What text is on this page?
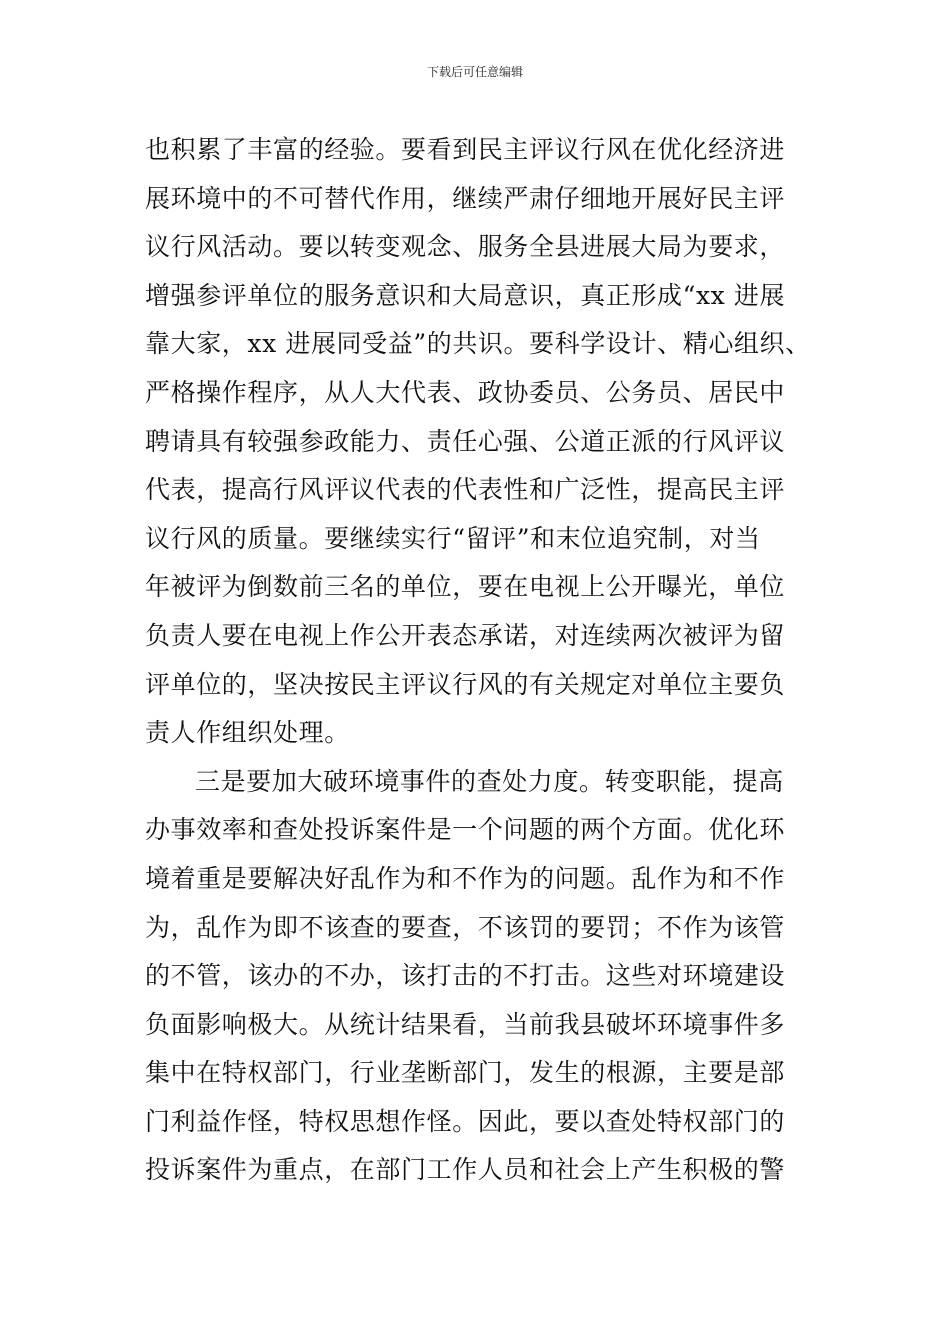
下载后可任意编辑
也积累了丰富的经验。要看到民主评议行风在优化经济进
展环境中的不可替代作用，继续严肃仔细地开展好民主评
议行风活动。要以转变观念、服务全县进展大局为要求，
增强参评单位的服务意识和大局意识，真正形成“xx 进展
靠大家，xx 进展同受益”的共识。要科学设计、精心组织、
严格操作程序，从人大代表、政协委员、公务员、居民中
聘请具有较强参政能力、责任心强、公道正派的行风评议
代表，提高行风评议代表的代表性和广泛性，提高民主评
议行风的质量。要继续实行“留评”和末位追究制，对当
年被评为倒数前三名的单位，要在电视上公开曝光，单位
负责人要在电视上作公开表态承诺，对连续两次被评为留
评单位的，坚决按民主评议行风的有关规定对单位主要负
责人作组织处理。
三是要加大破环境事件的查处力度。转变职能，提高
办事效率和查处投诉案件是一个问题的两个方面。优化环
境着重是要解决好乱作为和不作为的问题。乱作为和不作
为，乱作为即不该查的要查，不该罚的要罚；不作为该管
的不管，该办的不办，该打击的不打击。这些对环境建设
负面影响极大。从统计结果看，当前我县破坏环境事件多
集中在特权部门，行业垄断部门，发生的根源，主要是部
门利益作怪，特权思想作怪。因此，要以查处特权部门的
投诉案件为重点，在部门工作人员和社会上产生积极的警
